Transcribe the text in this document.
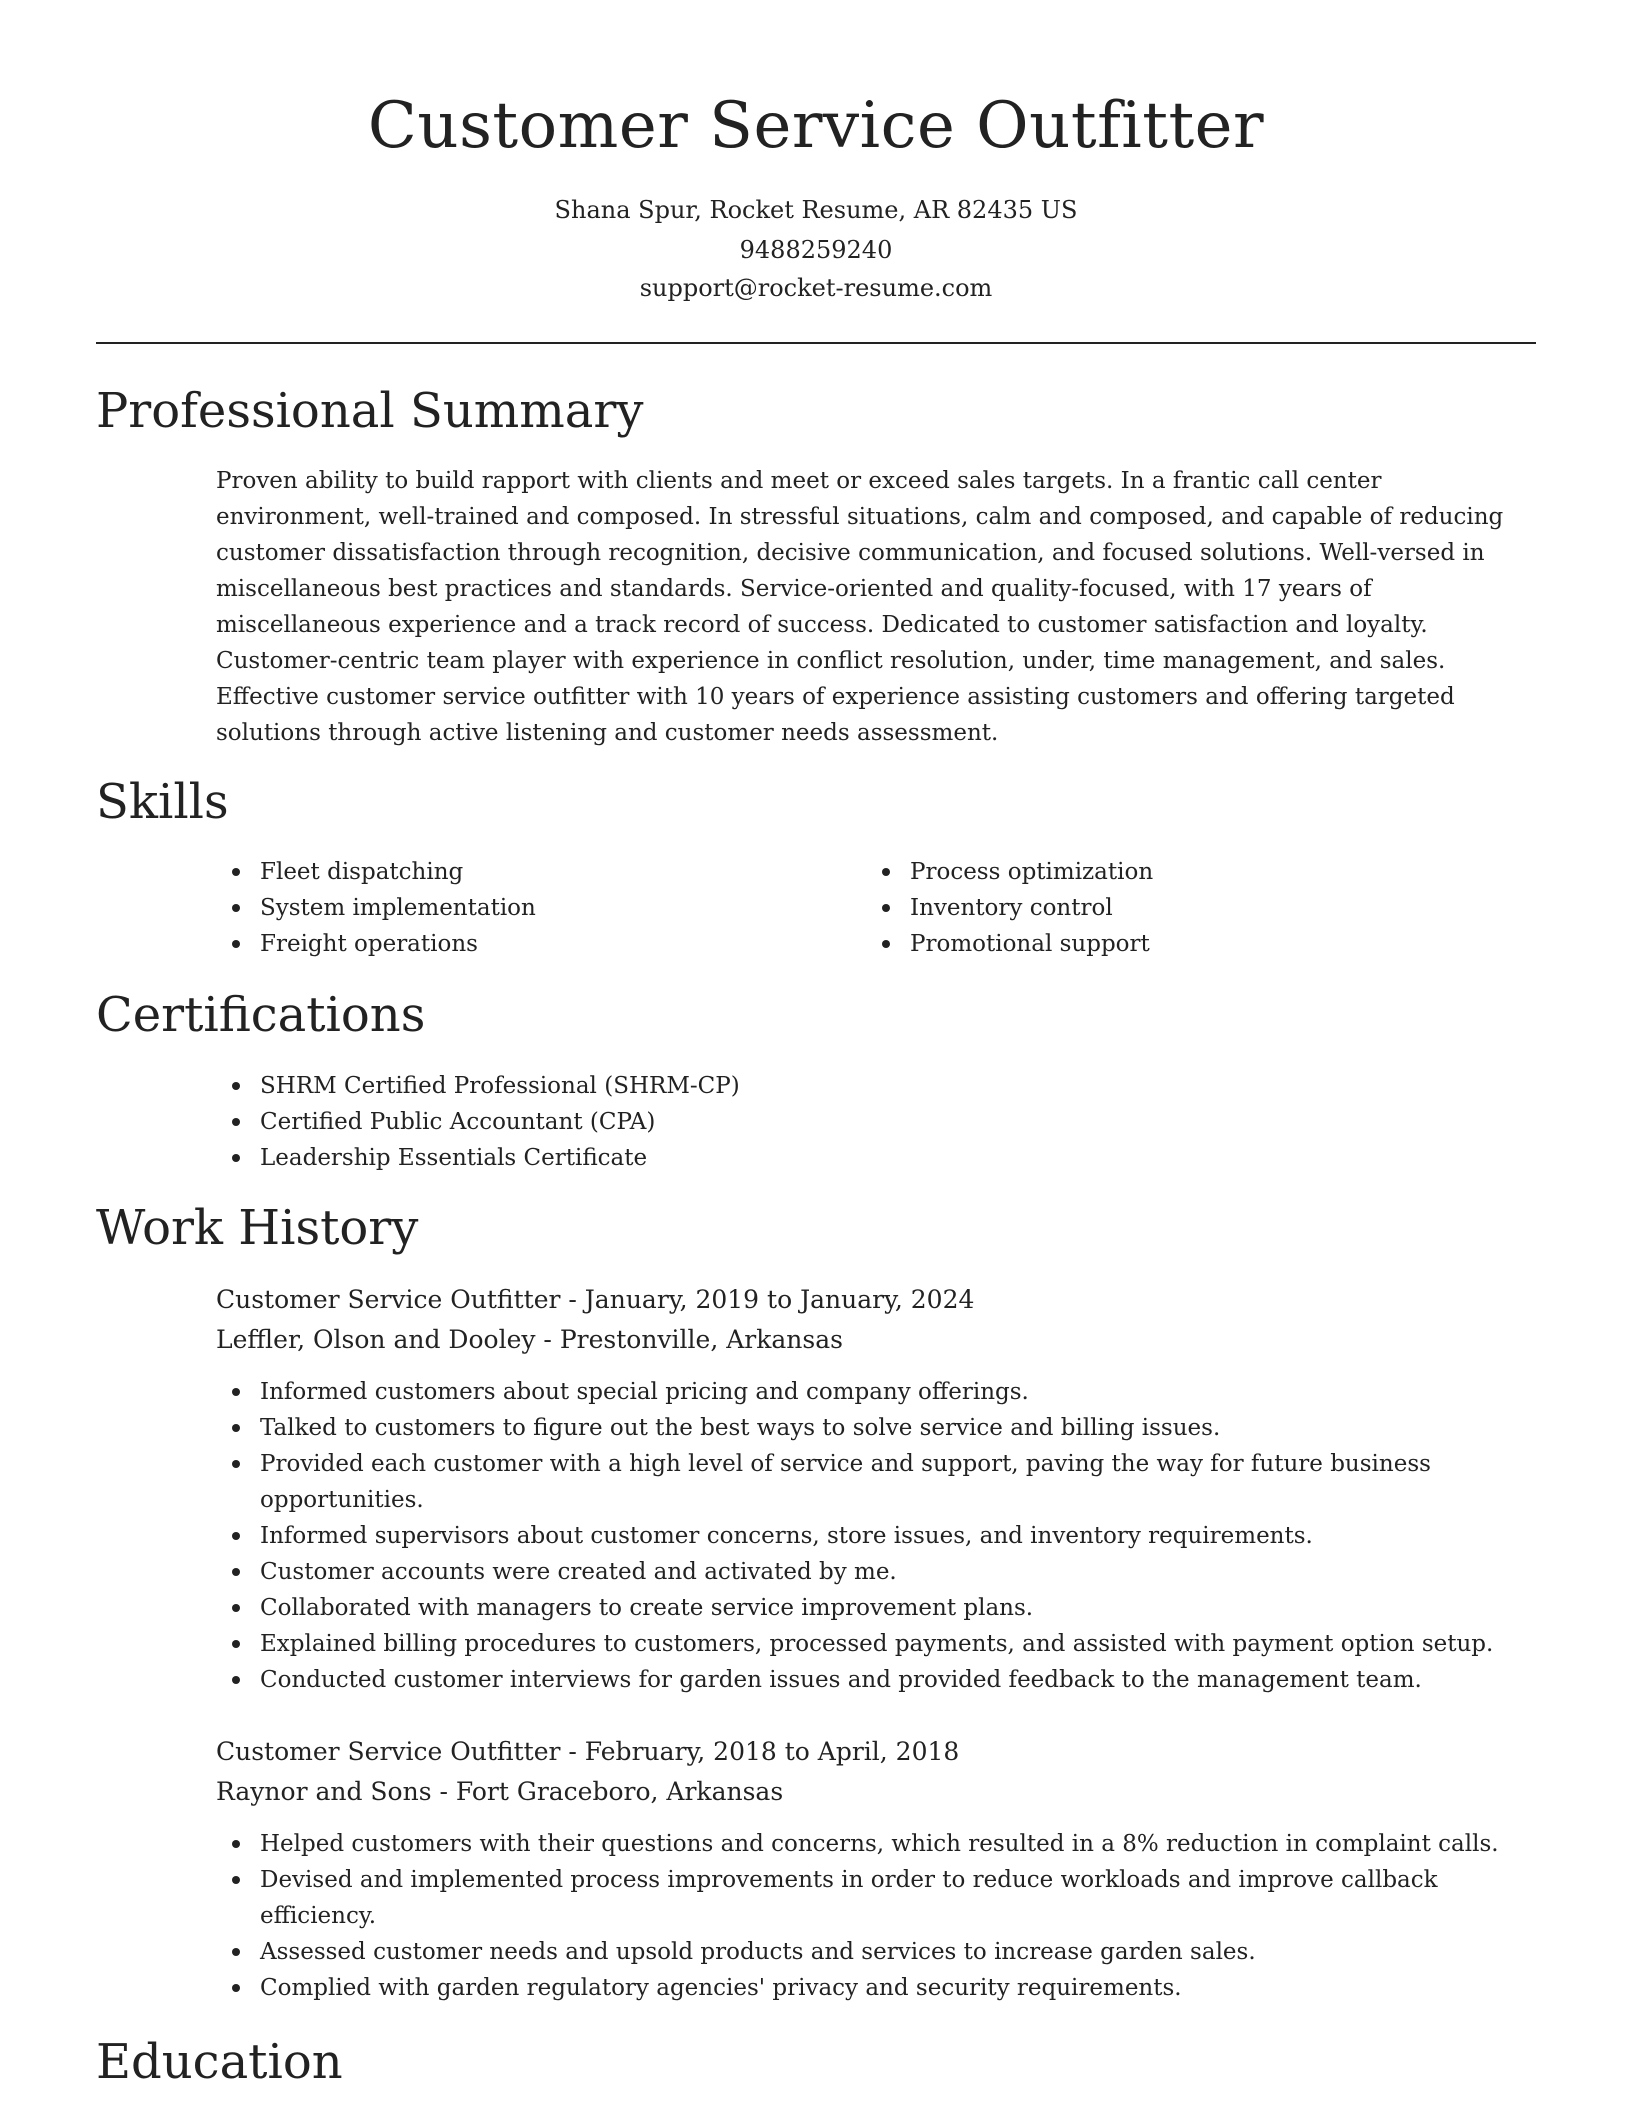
Customer Service Outfitter
Shana Spur, Rocket Resume, AR 82435 US
9488259240
support@rocket-resume.com
Professional Summary

Proven ability to build rapport with clients and meet or exceed sales targets. In a frantic call center environment, well-trained and composed. In stressful situations, calm and composed, and capable of reducing customer dissatisfaction through recognition, decisive communication, and focused solutions. Well-versed in miscellaneous best practices and standards. Service-oriented and quality-focused, with 17 years of miscellaneous experience and a track record of success. Dedicated to customer satisfaction and loyalty. Customer-centric team player with experience in conflict resolution, under, time management, and sales. Effective customer service outfitter with 10 years of experience assisting customers and offering targeted solutions through active listening and customer needs assessment.

Skills
Fleet dispatching
System implementation
Freight operations
Process optimization
Inventory control
Promotional support
Certifications
SHRM Certified Professional (SHRM-CP)
Certified Public Accountant (CPA)
Leadership Essentials Certificate
Work History
Customer Service Outfitter - January, 2019 to January, 2024
Leffler, Olson and Dooley - Prestonville, Arkansas
Informed customers about special pricing and company offerings.
Talked to customers to figure out the best ways to solve service and billing issues.
Provided each customer with a high level of service and support, paving the way for future business opportunities.
Informed supervisors about customer concerns, store issues, and inventory requirements.
Customer accounts were created and activated by me.
Collaborated with managers to create service improvement plans.
Explained billing procedures to customers, processed payments, and assisted with payment option setup.
Conducted customer interviews for garden issues and provided feedback to the management team.
Customer Service Outfitter - February, 2018 to April, 2018
Raynor and Sons - Fort Graceboro, Arkansas
Helped customers with their questions and concerns, which resulted in a 8% reduction in complaint calls.
Devised and implemented process improvements in order to reduce workloads and improve callback efficiency.
Assessed customer needs and upsold products and services to increase garden sales.
Complied with garden regulatory agencies' privacy and security requirements.
Education
